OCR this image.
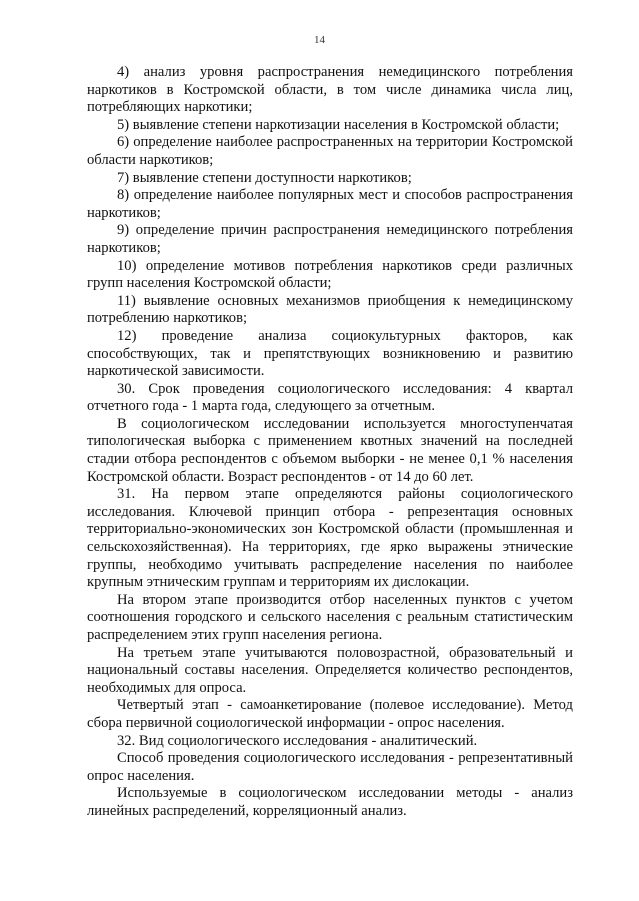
14

4) анализ уровня распространения немедицинского потребления наркотиков в Костромской области, в том числе динамика числа лиц, потребляющих наркотики;

5) выявление степени наркотизации населения в Костромской области;

6) определение наиболее распространенных на территории Костромской области наркотиков;

7) выявление степени доступности наркотиков;

8) определение наиболее популярных мест и способов распространения наркотиков;

9) определение причин распространения немедицинского потребления наркотиков;

10) определение мотивов потребления наркотиков среди различных групп населения Костромской области;

11) выявление основных механизмов приобщения к немедицинскому потреблению наркотиков;

12) проведение анализа социокультурных факторов, как способствующих, так и препятствующих возникновению и развитию наркотической зависимости.

30. Срок проведения социологического исследования: 4 квартал отчетного года - 1 марта года, следующего за отчетным.

В социологическом исследовании используется многоступенчатая типологическая выборка с применением квотных значений на последней стадии отбора респондентов с объемом выборки - не менее 0,1 % населения Костромской области. Возраст респондентов - от 14 до 60 лет.

31. На первом этапе определяются районы социологического исследования. Ключевой принцип отбора - репрезентация основных территориально-экономических зон Костромской области (промышленная и сельскохозяйственная). На территориях, где ярко выражены этнические группы, необходимо учитывать распределение населения по наиболее крупным этническим группам и территориям их дислокации.

На втором этапе производится отбор населенных пунктов с учетом соотношения городского и сельского населения с реальным статистическим распределением этих групп населения региона.

На третьем этапе учитываются половозрастной, образовательный и национальный составы населения. Определяется количество респондентов, необходимых для опроса.

Четвертый этап - самоанкетирование (полевое исследование). Метод сбора первичной социологической информации - опрос населения.

32. Вид социологического исследования - аналитический.

Способ проведения социологического исследования - репрезентативный опрос населения.

Используемые в социологическом исследовании методы - анализ линейных распределений, корреляционный анализ.
